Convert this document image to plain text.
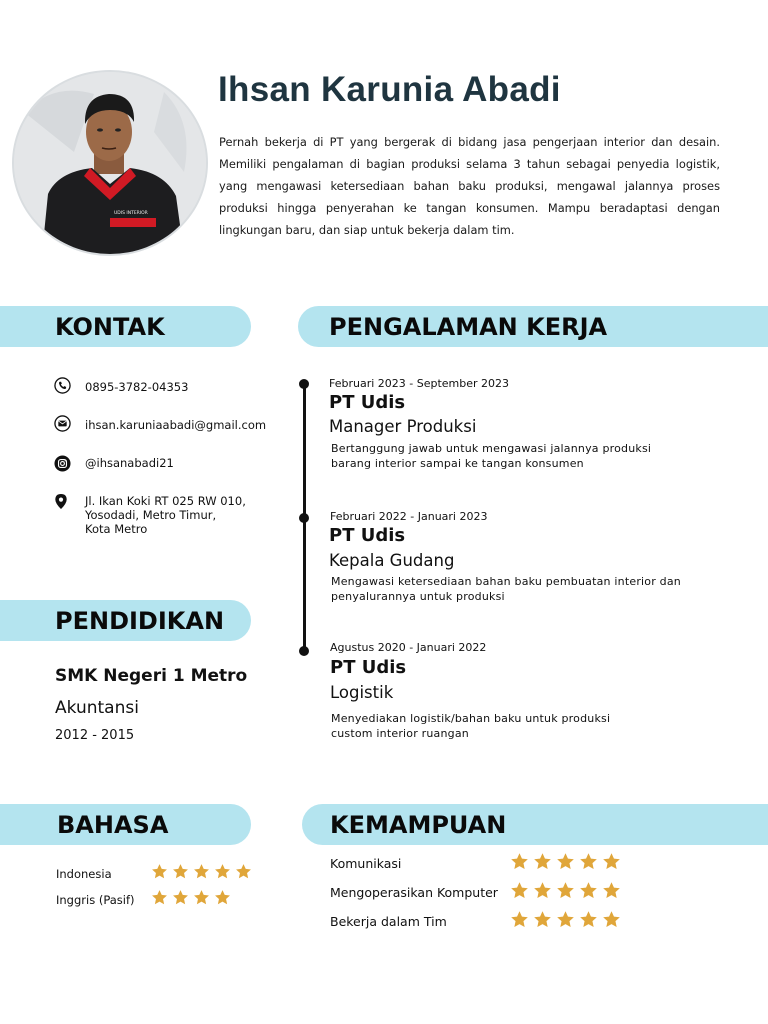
UDIS INTERIOR
Ihsan Karunia Abadi
Pernah bekerja di PT yang bergerak di bidang jasa pengerjaan interior dan desain. Memiliki pengalaman di bagian produksi selama 3 tahun sebagai penyedia logistik, yang mengawasi ketersediaan bahan baku produksi, mengawal jalannya proses produksi hingga penyerahan ke tangan konsumen. Mampu beradaptasi dengan lingkungan baru, dan siap untuk bekerja dalam tim.
KONTAK
0895-3782-04353
ihsan.karuniaabadi@gmail.com
@ihsanabadi21
Jl. Ikan Koki RT 025 RW 010,
Yosodadi, Metro Timur,
Kota Metro
PENDIDIKAN
SMK Negeri 1 Metro
Akuntansi
2012 - 2015
PENGALAMAN KERJA
Februari 2023 - September 2023
PT Udis
Manager Produksi
Bertanggung jawab untuk mengawasi jalannya produksi
barang interior sampai ke tangan konsumen
Februari 2022 - Januari 2023
PT Udis
Kepala Gudang
Mengawasi ketersediaan bahan baku pembuatan interior dan
penyalurannya untuk produksi
Agustus 2020 - Januari 2022
PT Udis
Logistik
Menyediakan logistik/bahan baku untuk produksi
custom interior ruangan
BAHASA
Indonesia
Inggris (Pasif)
KEMAMPUAN
Komunikasi
Mengoperasikan Komputer
Bekerja dalam Tim
